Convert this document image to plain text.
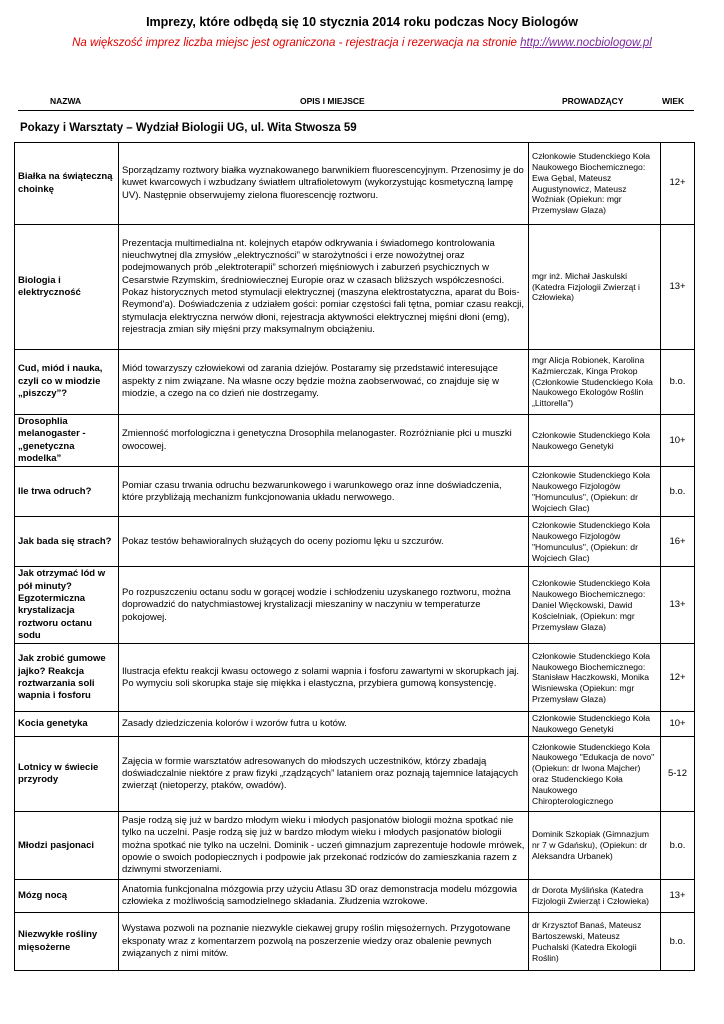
Imprezy, które odbędą się 10 stycznia 2014 roku podczas Nocy Biologów
Na większość imprez liczba miejsc jest ograniczona - rejestracja i rezerwacja na stronie http://www.nocbiologow.pl
NAZWA	OPIS I MIEJSCE	PROWADZĄCY	WIEK
Pokazy i Warsztaty – Wydział Biologii UG, ul. Wita Stwosza 59
Białka na świąteczną choinkę	Sporządzamy roztwory białka wyznakowanego barwnikiem fluorescencyjnym. Przenosimy je do kuwet kwarcowych i wzbudzany światłem ultrafioletowym (wykorzystując kosmetyczną lampę UV). Następnie obserwujemy zielona fluorescencję roztworu.	Członkowie Studenckiego Koła Naukowego Biochemicznego: Ewa Gębal, Mateusz Augustynowicz, Mateusz Woźniak (Opiekun: mgr Przemysław Glaza)	12+
Biologia i elektryczność	Prezentacja multimedialna nt. kolejnych etapów odkrywania i świadomego kontrolowania nieuchwytnej dla zmysłów „elektryczności” w starożytności i erze nowożytnej oraz podejmowanych prób „elektroterapii” schorzeń mięśniowych i zaburzeń psychicznych w Cesarstwie Rzymskim, średniowiecznej Europie oraz w czasach bliższych współczesności. Pokaz historycznych metod stymulacji elektrycznej (maszyna elektrostatyczna, aparat du Bois-Reymond'a). Doświadczenia z udziałem gości: pomiar częstości fali tętna, pomiar czasu reakcji, stymulacja elektryczna nerwów dłoni, rejestracja aktywności elektrycznej mięśni dłoni (emg), rejestracja zmian siły mięśni przy maksymalnym obciążeniu.	mgr inż. Michał Jaskulski (Katedra Fizjologii Zwierząt i Człowieka)	13+
Cud, miód i nauka, czyli co w miodzie „piszczy”?	Miód towarzyszy człowiekowi od zarania dziejów. Postaramy się przedstawić interesujące aspekty z nim związane. Na własne oczy będzie można zaobserwować, co znajduje się w miodzie, a czego na co dzień nie dostrzegamy.	mgr Alicja Robionek, Karolina Kaźmierczak, Kinga Prokop (Członkowie Studenckiego Koła Naukowego Ekologów Roślin „Littorella”)	b.o.
Drosophlia melanogaster - „genetyczna modelka”	Zmienność morfologiczna i genetyczna Drosophila melanogaster. Rozróżnianie płci u muszki owocowej.	Członkowie Studenckiego Koła Naukowego Genetyki	10+
Ile trwa odruch?	Pomiar czasu trwania odruchu bezwarunkowego i warunkowego oraz inne doświadczenia, które przybliżają mechanizm funkcjonowania układu nerwowego.	Członkowie Studenckiego Koła Naukowego Fizjologów "Homunculus", (Opiekun: dr Wojciech Glac)	b.o.
Jak bada się strach?	Pokaz testów behawioralnych służących do oceny poziomu lęku u szczurów.	Członkowie Studenckiego Koła Naukowego Fizjologów "Homunculus", (Opiekun: dr Wojciech Glac)	16+
Jak otrzymać lód w pół minuty? Egzotermiczna krystalizacja roztworu octanu sodu	Po rozpuszczeniu octanu sodu w gorącej wodzie i schłodzeniu uzyskanego roztworu, można doprowadzić do natychmiastowej krystalizacji mieszaniny w naczyniu w temperaturze pokojowej.	Członkowie Studenckiego Koła Naukowego Biochemicznego: Daniel Więckowski, Dawid Kościelniak, (Opiekun: mgr Przemysław Glaza)	13+
Jak zrobić gumowe jajko? Reakcja roztwarzania soli wapnia i fosforu	Ilustracja efektu reakcji kwasu octowego z solami wapnia i fosforu zawartymi w skorupkach jaj. Po wymyciu soli skorupka staje się miękka i elastyczna, przybiera gumową konsystencję.	Członkowie Studenckiego Koła Naukowego Biochemicznego: Stanisław Haczkowski, Monika Wisniewska (Opiekun: mgr Przemysław Glaza)	12+
Kocia genetyka	Zasady dziedziczenia kolorów i wzorów futra u kotów.	Członkowie Studenckiego Koła Naukowego Genetyki	10+
Lotnicy w świecie przyrody	Zajęcia w formie warsztatów adresowanych do młodszych uczestników, którzy zbadają doświadczalnie niektóre z praw fizyki „rządzących” lataniem oraz poznają tajemnice latających zwierząt (nietoperzy, ptaków, owadów).	Członkowie Studenckiego Koła Naukowego "Edukacja de novo" (Opiekun: dr Iwona Majcher) oraz Studenckiego Koła Naukowego Chiropterologicznego	5-12
Młodzi pasjonaci	Pasje rodzą się już w bardzo młodym wieku i młodych pasjonatów biologii można spotkać nie tylko na uczelni. Pasje rodzą się już w bardzo młodym wieku i młodych pasjonatów biologii można spotkać nie tylko na uczelni. Dominik - uczeń gimnazjum zaprezentuje hodowle mrówek, opowie o swoich podopiecznych i podpowie jak przekonać rodziców do zamieszkania razem z dziwnymi stworzeniami.	Dominik Szkopiak (Gimnazjum nr 7 w Gdańsku), (Opiekun: dr Aleksandra Urbanek)	b.o.
Mózg nocą	Anatomia funkcjonalna mózgowia przy użyciu Atlasu 3D oraz demonstracja modelu mózgowia człowieka z możliwością samodzielnego składania. Złudzenia wzrokowe.	dr Dorota Myślińska (Katedra Fizjologii Zwierząt i Człowieka)	13+
Niezwykłe rośliny mięsożerne	Wystawa pozwoli na poznanie niezwykle ciekawej grupy roślin mięsożernych. Przygotowane eksponaty wraz z komentarzem pozwolą na poszerzenie wiedzy oraz obalenie pewnych związanych z nimi mitów.	dr Krzysztof Banaś, Mateusz Bartoszewski, Mateusz Puchalski (Katedra Ekologii Roślin)	b.o.
